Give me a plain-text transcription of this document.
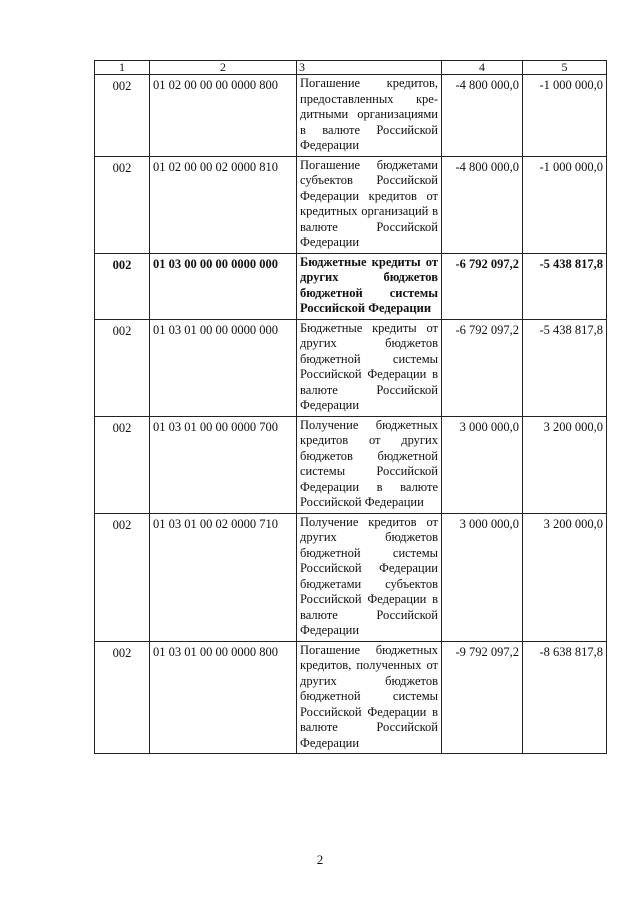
1	2	3	4	5
002	01 02 00 00 00 0000 800	Погашение кредитов, предоставленных кредитными организациями в валюте Российской Федерации	-4 800 000,0	-1 000 000,0
002	01 02 00 00 02 0000 810	Погашение бюджетами субъектов Российской Федерации кредитов от кредитных организаций в валюте Российской Федерации	-4 800 000,0	-1 000 000,0
002	01 03 00 00 00 0000 000	Бюджетные кредиты от других бюджетов бюджетной системы Российской Федерации	-6 792 097,2	-5 438 817,8
002	01 03 01 00 00 0000 000	Бюджетные кредиты от других бюджетов бюджетной системы Российской Федерации в валюте Российской Федерации	-6 792 097,2	-5 438 817,8
002	01 03 01 00 00 0000 700	Получение бюджетных кредитов от других бюджетов бюджетной системы Российской Федерации в валюте Российской Федерации	3 000 000,0	3 200 000,0
002	01 03 01 00 02 0000 710	Получение кредитов от других бюджетов бюджетной системы Российской Федерации бюджетами субъектов Российской Федерации в валюте Российской Федерации	3 000 000,0	3 200 000,0
002	01 03 01 00 00 0000 800	Погашение бюджетных кредитов, полученных от других бюджетов бюджетной системы Российской Федерации в валюте Российской Федерации	-9 792 097,2	-8 638 817,8
2
